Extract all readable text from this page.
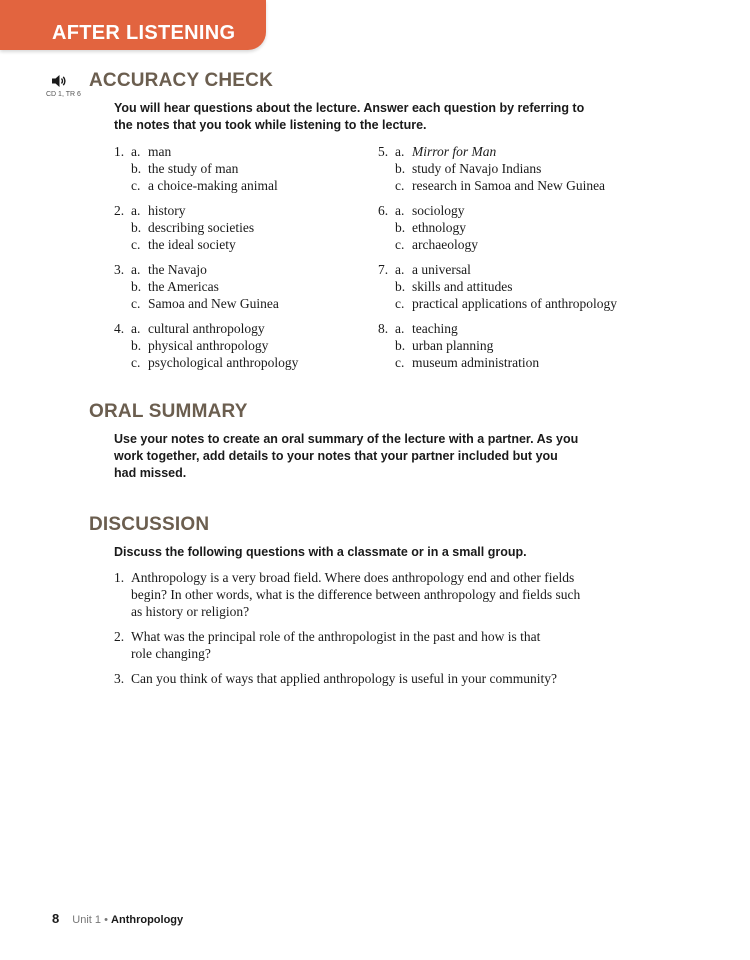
AFTER LISTENING
CD 1, TR 6
ACCURACY CHECK

You will hear questions about the lecture. Answer each question by referring to
the notes that you took while listening to the lecture.

1. a. man
b. the study of man
c. a choice-making animal
2. a. history
b. describing societies
c. the ideal society
3. a. the Navajo
b. the Americas
c. Samoa and New Guinea
4. a. cultural anthropology
b. physical anthropology
c. psychological anthropology
5. a. Mirror for Man
b. study of Navajo Indians
c. research in Samoa and New Guinea
6. a. sociology
b. ethnology
c. archaeology
7. a. a universal
b. skills and attitudes
c. practical applications of anthropology
8. a. teaching
b. urban planning
c. museum administration
ORAL SUMMARY

Use your notes to create an oral summary of the lecture with a partner. As you
work together, add details to your notes that your partner included but you
had missed.

DISCUSSION

Discuss the following questions with a classmate or in a small group.

1. Anthropology is a very broad field. Where does anthropology end and other fields
begin? In other words, what is the difference between anthropology and fields such
as history or religion?
2. What was the principal role of the anthropologist in the past and how is that
role changing?
3. Can you think of ways that applied anthropology is useful in your community?
8 Unit 1 • Anthropology
